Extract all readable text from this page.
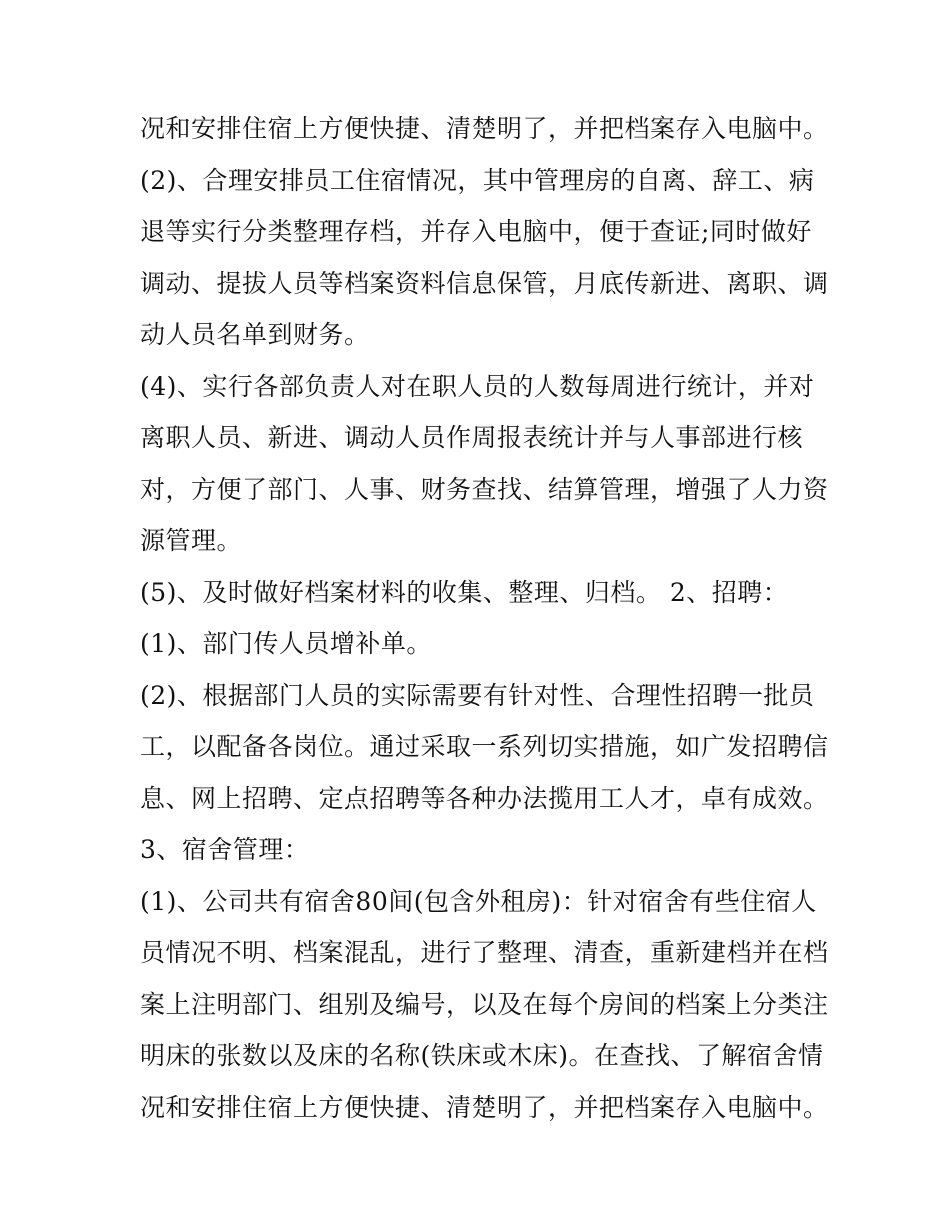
况和安排住宿上方便快捷、清楚明了，并把档案存入电脑中。
(2)、合理安排员工住宿情况，其中管理房的自离、辞工、病
退等实行分类整理存档，并存入电脑中，便于查证;同时做好
调动、提拔人员等档案资料信息保管，月底传新进、离职、调
动人员名单到财务。
(4)、实行各部负责人对在职人员的人数每周进行统计，并对
离职人员、新进、调动人员作周报表统计并与人事部进行核
对，方便了部门、人事、财务查找、结算管理，增强了人力资
源管理。
(5)、及时做好档案材料的收集、整理、归档。 2、招聘：
(1)、部门传人员增补单。
(2)、根据部门人员的实际需要有针对性、合理性招聘一批员
工，以配备各岗位。通过采取一系列切实措施，如广发招聘信
息、网上招聘、定点招聘等各种办法揽用工人才，卓有成效。
3、宿舍管理：
(1)、公司共有宿舍80间(包含外租房)：针对宿舍有些住宿人
员情况不明、档案混乱，进行了整理、清查，重新建档并在档
案上注明部门、组别及编号，以及在每个房间的档案上分类注
明床的张数以及床的名称(铁床或木床)。在查找、了解宿舍情
况和安排住宿上方便快捷、清楚明了，并把档案存入电脑中。
